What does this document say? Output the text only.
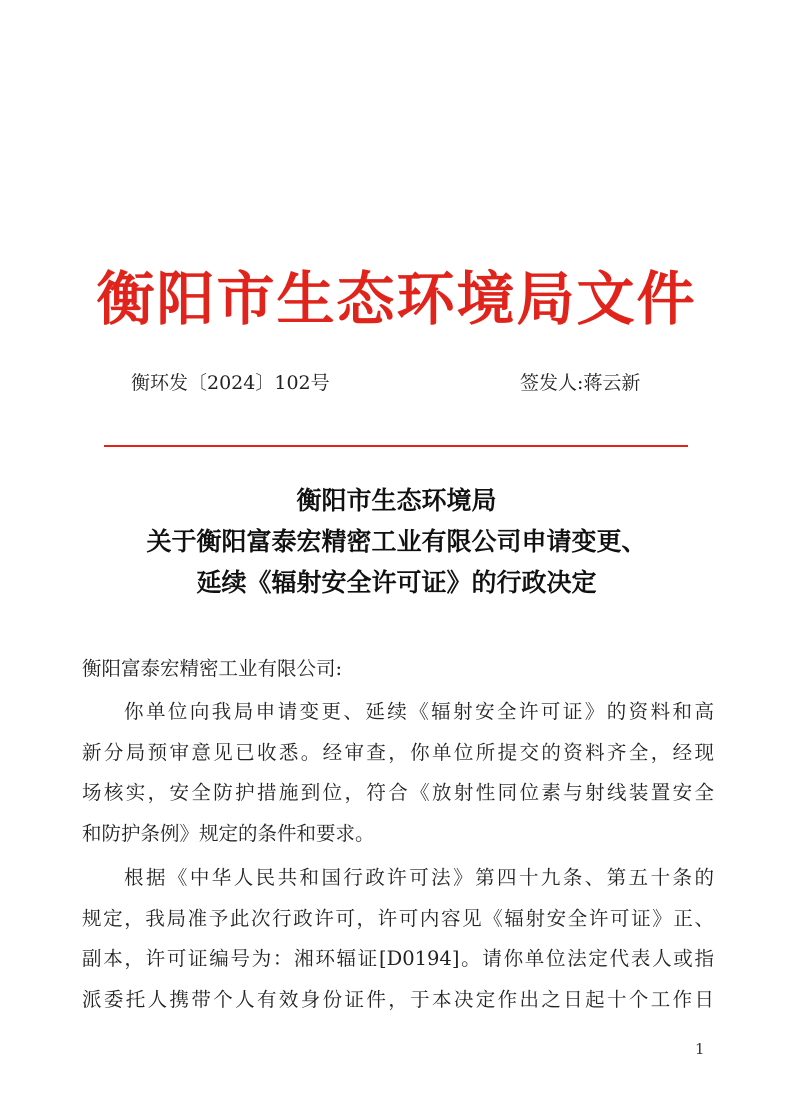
衡阳市生态环境局文件
衡环发〔2024〕102号	签发人:蒋云新
衡阳市生态环境局
关于衡阳富泰宏精密工业有限公司申请变更、
延续《辐射安全许可证》的行政决定
衡阳富泰宏精密工业有限公司:
你单位向我局申请变更、延续《辐射安全许可证》的资料和高
新分局预审意见已收悉。经审查，你单位所提交的资料齐全，经现
场核实，安全防护措施到位，符合《放射性同位素与射线装置安全
和防护条例》规定的条件和要求。
根据《中华人民共和国行政许可法》第四十九条、第五十条的
规定，我局准予此次行政许可，许可内容见《辐射安全许可证》正、
副本，许可证编号为：湘环辐证[D0194]。请你单位法定代表人或指
派委托人携带个人有效身份证件，于本决定作出之日起十个工作日
1
